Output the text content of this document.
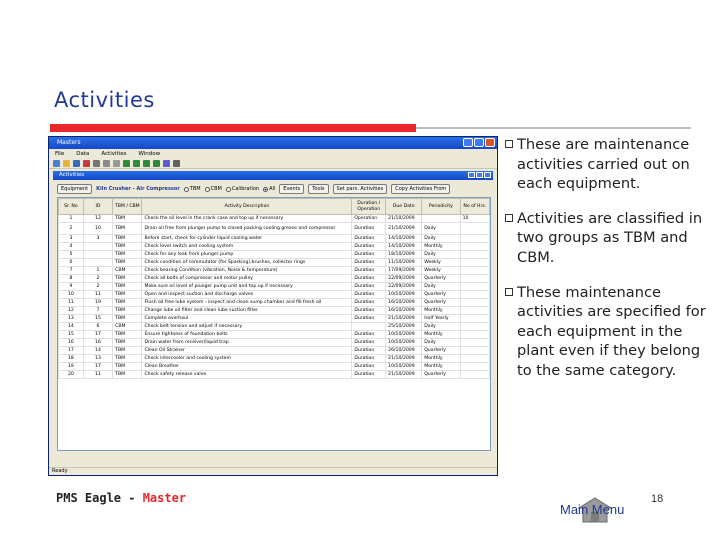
Activities
Masters
File Data Activities Window
Activities
Equipment	Kiln Crusher - Air Compressor TBM CBM Calibration All	Events	Tools	Set pars. Activities	Copy Activities From
Sr. No	ID	TBM / CBM	Activity Description	Duration / Operation	Due Date	Periodicity	No of Hrs.
1	12	TBM	Check the oil level in the crank case and top up if necessary	Operation	21/10/2009		10
2	10	TBM	Drain oil free from plunger pump to closed packing cooling grease and compressor	Duration	21/10/2009	Daily	
3	3	TBM	Before start, check for cylinder liquid cooling water	Duration	14/10/2009	Daily	
4		TBM	Check level switch and cooling system	Duration	14/10/2009	Monthly	
5		TBM	Check for any leak from plunger pump	Duration	18/10/2009	Daily	
6		TBM	Check condition of commutator (for Sparking),brushes, collector rings	Duration	11/10/2009	Weekly	
7	1	CBM	Check bearing Condition (vibration, Noise & temperature)	Duration	17/09/2009	Weekly	
8	2	TBM	Check all bolts of compressor and motor pulley	Duration	22/09/2009	Quarterly	
9	2	TBM	Make sure oil level of plunger pump unit and top up if necessary	Duration	22/09/2009	Daily	
10	11	TBM	Open and inspect suction and discharge valves	Duration	10/10/2009	Quarterly	
11	19	TBM	Flush oil free lube system - inspect and clean sump chamber and fill fresh oil	Duration	16/10/2009	Quarterly	
12	7	TBM	Change lube oil filter and clean lube suction filter	Duration	16/10/2009	Monthly	
13	15	TBM	Complete overhaul	Duration	21/10/2009	Half Yearly	
14	6	CBM	Check belt tension and adjust if necessary		25/10/2009	Daily	
15	17	TBM	Ensure tightness of foundation bolts	Duration	10/10/2009	Monthly	
16	16	TBM	Drain water from receiver/liquid trap	Duration	10/10/2009	Daily	
17	14	TBM	Clean Oil Strainer	Duration	26/10/2009	Quarterly	
18	13	TBM	Check intercooler and cooling system	Duration	21/10/2009	Monthly	
19	17	TBM	Clean Breather	Duration	10/10/2009	Monthly	
20	11	TBM	Check safety release valve	Duration	21/10/2009	Quarterly	
Ready
These are maintenance activities carried out on each equipment.
Activities are classified in two groups as TBM and CBM.
These maintenance activities are specified for each equipment in the plant even if they belong to the same category.
PMS Eagle - Master
Main Menu
18
